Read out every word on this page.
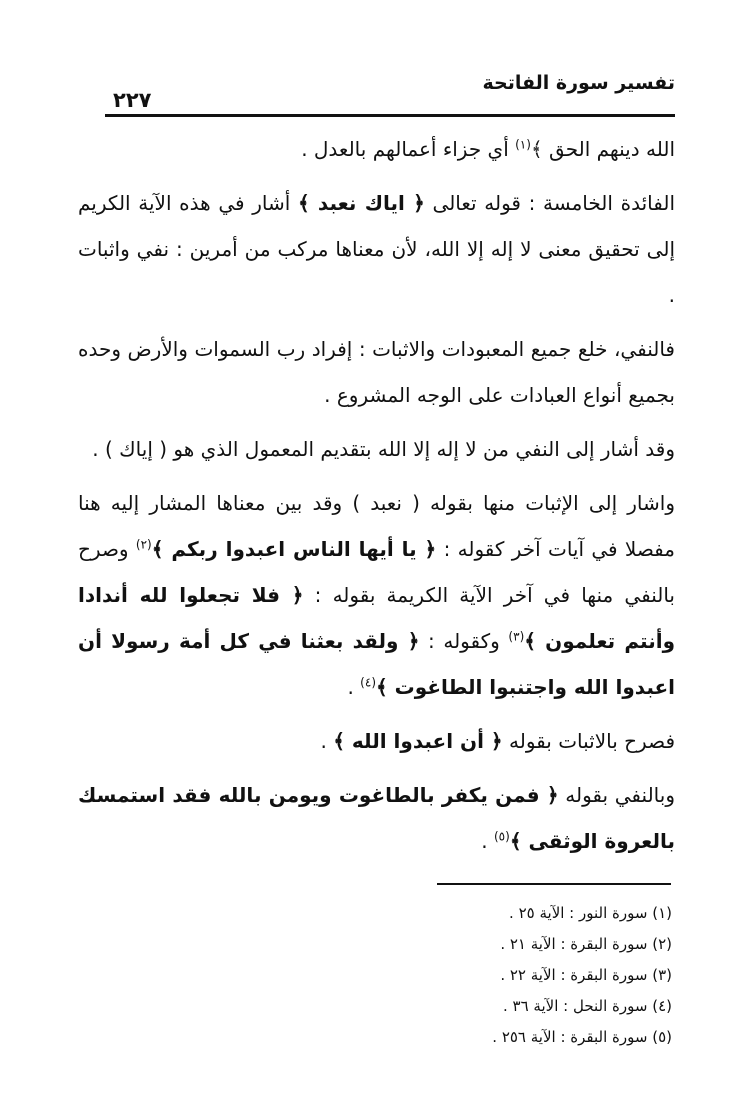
تفسير سورة الفاتحة
٢٢٧

الله دينهم الحق ﴾$^{(١)}$ أي جزاء أعمالهم بالعدل .

الفائدة الخامسة : قوله تعالى ﴿ اياك نعبد ﴾ أشار في هذه الآية الكريم إلى تحقيق معنى لا إله إلا الله، لأن معناها مركب من أمرين : نفي واثبات .

فالنفي، خلع جميع المعبودات والاثبات : إفراد رب السموات والأرض وحده بجميع أنواع العبادات على الوجه المشروع .

وقد أشار إلى النفي من لا إله إلا الله بتقديم المعمول الذي هو ( إياك ) .

واشار إلى الإثبات منها بقوله ( نعبد ) وقد بين معناها المشار إليه هنا مفصلا في آيات آخر كقوله : ﴿ يا أيها الناس اعبدوا ربكم ﴾$^{(٢)}$ وصرح بالنفي منها في آخر الآية الكريمة بقوله : ﴿ فلا تجعلوا لله أندادا وأنتم تعلمون ﴾$^{(٣)}$ وكقوله : ﴿ ولقد بعثنا في كل أمة رسولا أن اعبدوا الله واجتنبوا الطاغوت ﴾$^{(٤)}$ .

فصرح بالاثبات بقوله ﴿ أن اعبدوا الله ﴾ .

وبالنفي بقوله ﴿ فمن يكفر بالطاغوت ويومن بالله فقد استمسك بالعروة الوثقى ﴾$^{(٥)}$ .

(١) سورة النور : الآية ٢٥ .
(٢) سورة البقرة : الآية ٢١ .
(٣) سورة البقرة : الآية ٢٢ .
(٤) سورة النحل : الآية ٣٦ .
(٥) سورة البقرة : الآية ٢٥٦ .
